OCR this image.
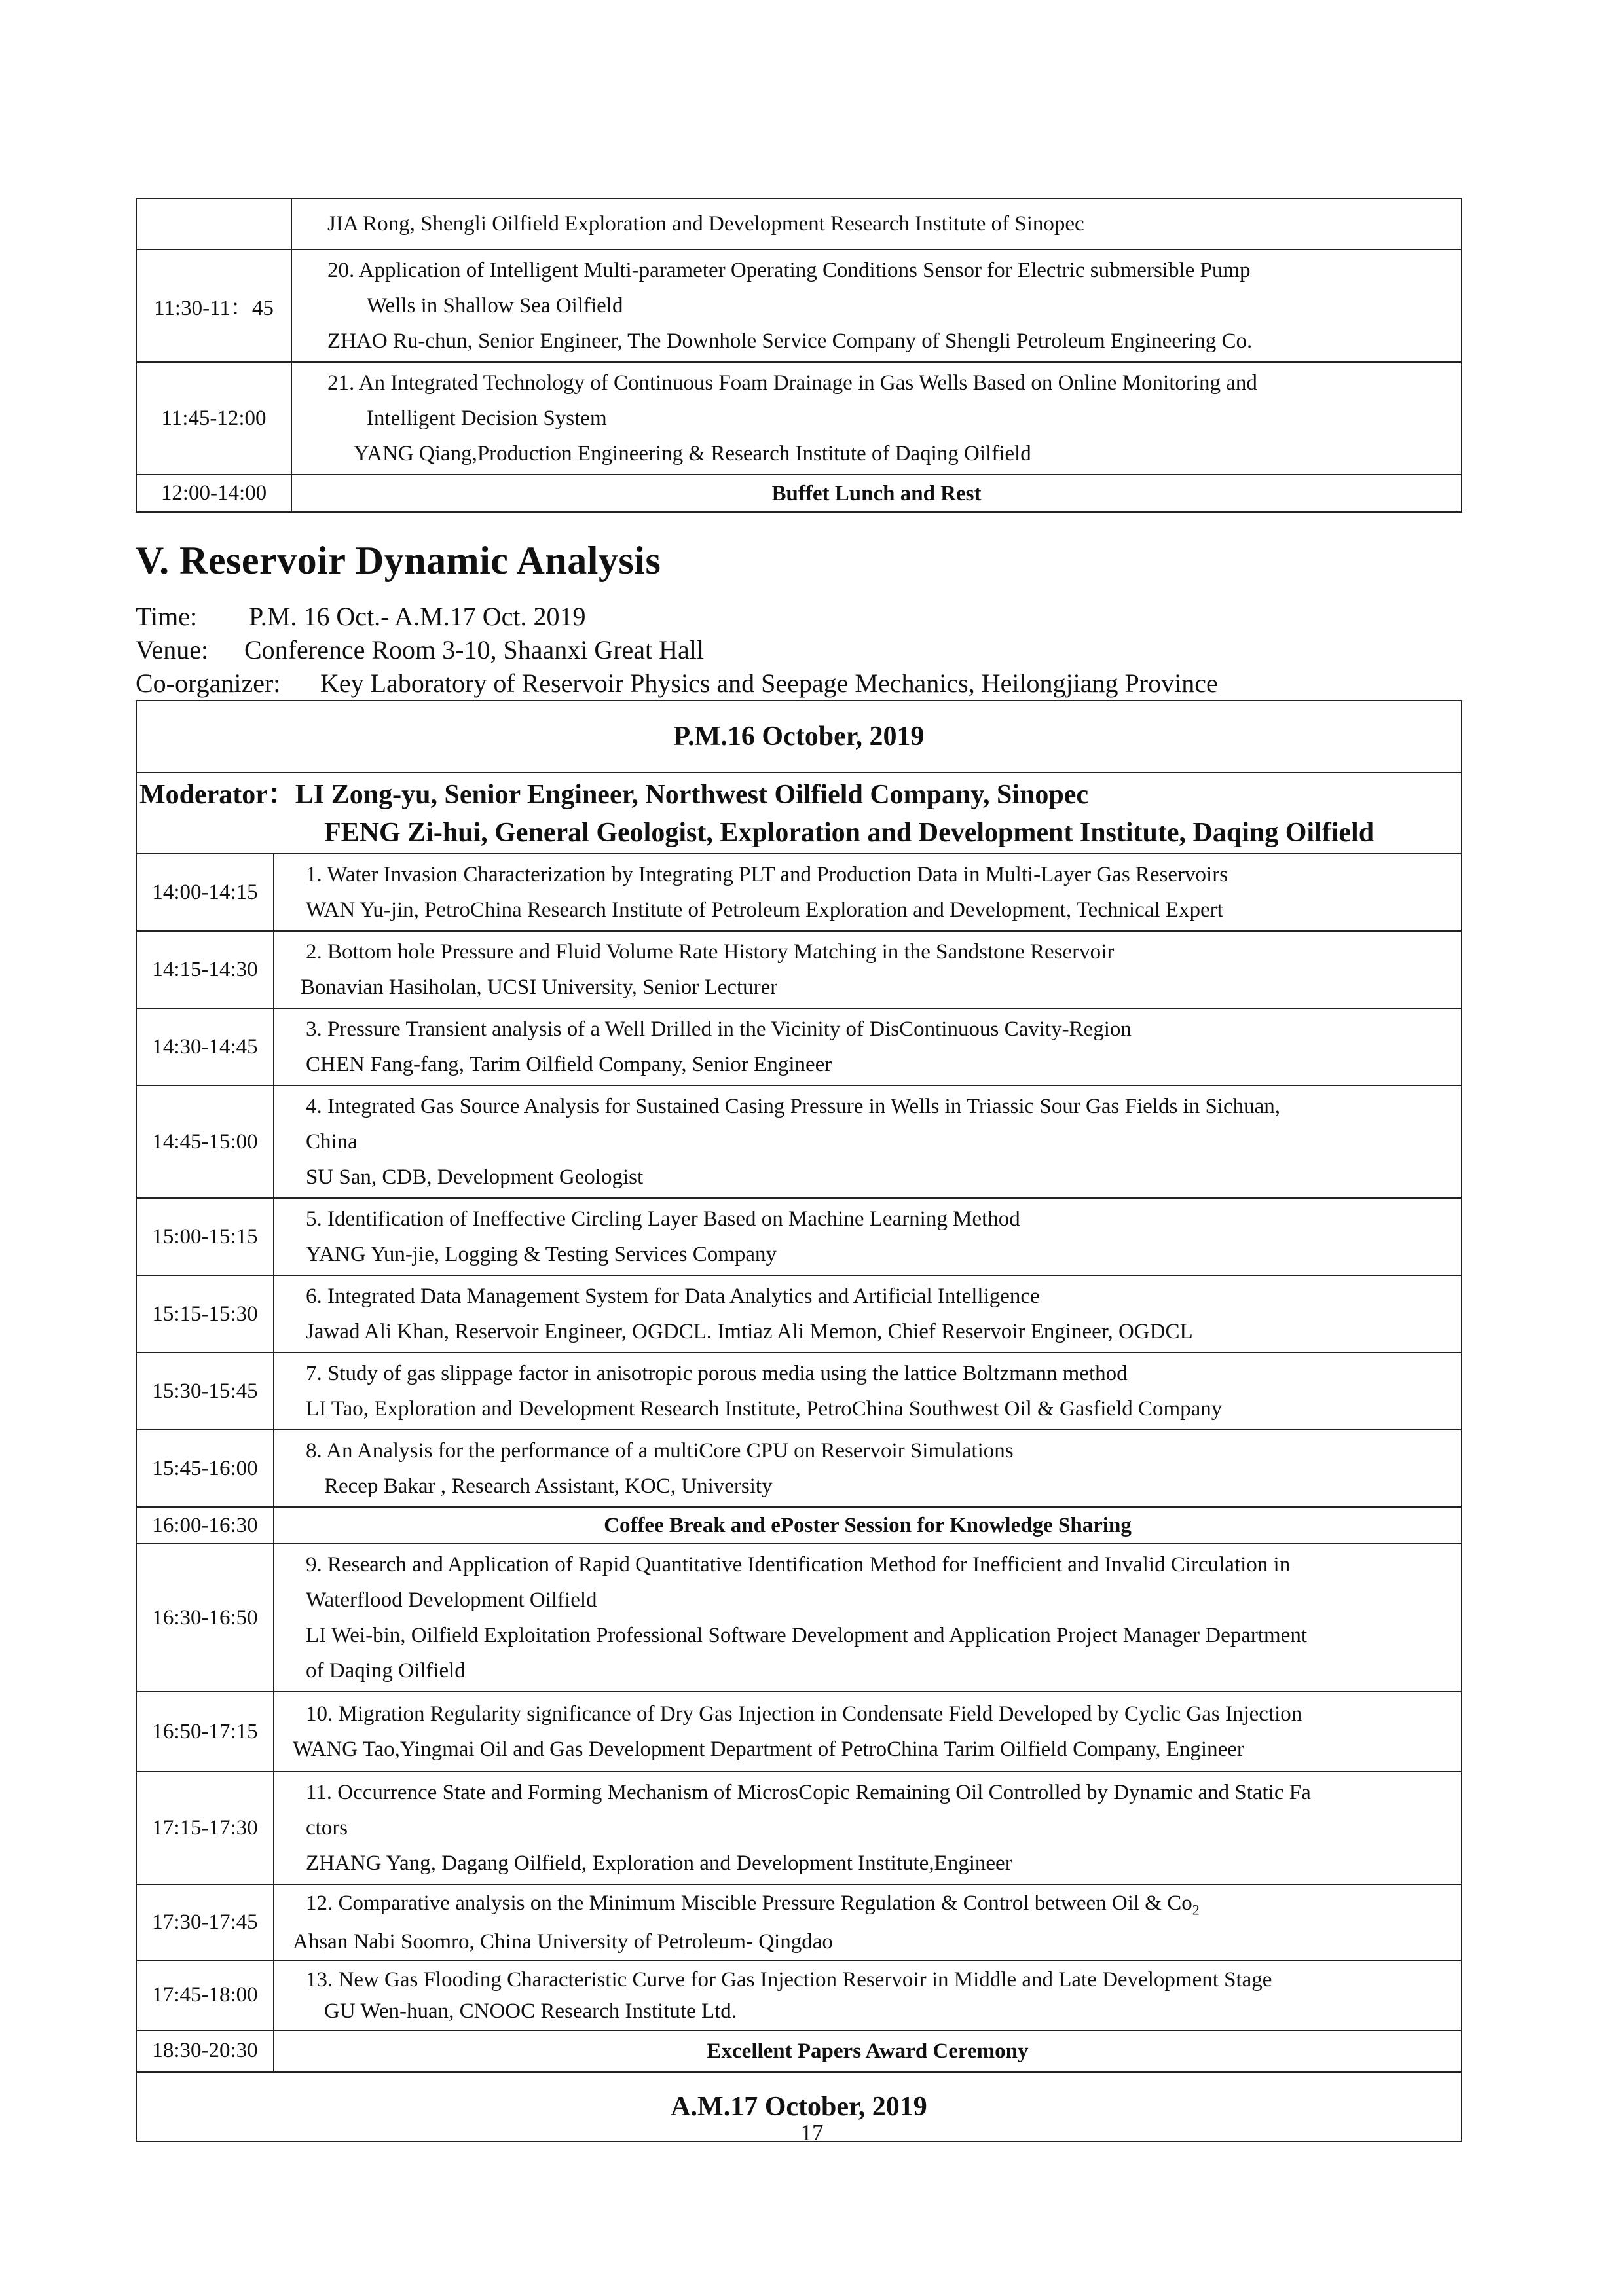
	JIA Rong, Shengli Oilfield Exploration and Development Research Institute of Sinopec

11:30-11：45	20. Application of Intelligent Multi-parameter Operating Conditions Sensor for Electric submersible Pump
Wells in Shallow Sea Oilfield
ZHAO Ru-chun, Senior Engineer, The Downhole Service Company of Shengli Petroleum Engineering Co.

11:45-12:00	21. An Integrated Technology of Continuous Foam Drainage in Gas Wells Based on Online Monitoring and
Intelligent Decision System
YANG Qiang,Production Engineering & Research Institute of Daqing Oilfield

12:00-14:00	Buffet Lunch and Rest
V. Reservoir Dynamic Analysis
Time: P.M. 16 Oct.- A.M.17 Oct. 2019
Venue: Conference Room 3-10, Shaanxi Great Hall
Co-organizer: Key Laboratory of Reservoir Physics and Seepage Mechanics, Heilongjiang Province
P.M.16 October, 2019	

Moderator：LI Zong-yu, Senior Engineer, Northwest Oilfield Company, Sinopec
FENG Zi-hui, General Geologist, Exploration and Development Institute, Daqing Oilfield	

14:00-14:15	1. Water Invasion Characterization by Integrating PLT and Production Data in Multi-Layer Gas Reservoirs
WAN Yu-jin, PetroChina Research Institute of Petroleum Exploration and Development, Technical Expert

14:15-14:30	2. Bottom hole Pressure and Fluid Volume Rate History Matching in the Sandstone Reservoir
Bonavian Hasiholan, UCSI University, Senior Lecturer

14:30-14:45	3. Pressure Transient analysis of a Well Drilled in the Vicinity of DisContinuous Cavity-Region
CHEN Fang-fang, Tarim Oilfield Company, Senior Engineer

14:45-15:00	4. Integrated Gas Source Analysis for Sustained Casing Pressure in Wells in Triassic Sour Gas Fields in Sichuan,
China
SU San, CDB, Development Geologist

15:00-15:15	5. Identification of Ineffective Circling Layer Based on Machine Learning Method
YANG Yun-jie, Logging & Testing Services Company

15:15-15:30	6. Integrated Data Management System for Data Analytics and Artificial Intelligence
Jawad Ali Khan, Reservoir Engineer, OGDCL. Imtiaz Ali Memon, Chief Reservoir Engineer, OGDCL

15:30-15:45	7. Study of gas slippage factor in anisotropic porous media using the lattice Boltzmann method
LI Tao, Exploration and Development Research Institute, PetroChina Southwest Oil & Gasfield Company

15:45-16:00	8. An Analysis for the performance of a multiCore CPU on Reservoir Simulations
Recep Bakar , Research Assistant, KOC, University

16:00-16:30	Coffee Break and ePoster Session for Knowledge Sharing
16:30-16:50	9. Research and Application of Rapid Quantitative Identification Method for Inefficient and Invalid Circulation in
Waterflood Development Oilfield
LI Wei-bin, Oilfield Exploitation Professional Software Development and Application Project Manager Department
of Daqing Oilfield

16:50-17:15	10. Migration Regularity significance of Dry Gas Injection in Condensate Field Developed by Cyclic Gas Injection
WANG Tao,Yingmai Oil and Gas Development Department of PetroChina Tarim Oilfield Company, Engineer

17:15-17:30	11. Occurrence State and Forming Mechanism of MicrosCopic Remaining Oil Controlled by Dynamic and Static Fa
ctors
ZHANG Yang, Dagang Oilfield, Exploration and Development Institute,Engineer

17:30-17:45	12. Comparative analysis on the Minimum Miscible Pressure Regulation & Control between Oil & $Co_2$
Ahsan Nabi Soomro, China University of Petroleum- Qingdao

17:45-18:00	13. New Gas Flooding Characteristic Curve for Gas Injection Reservoir in Middle and Late Development Stage
GU Wen-huan, CNOOC Research Institute Ltd.

18:30-20:30	Excellent Papers Award Ceremony
A.M.17 October, 2019	
17
